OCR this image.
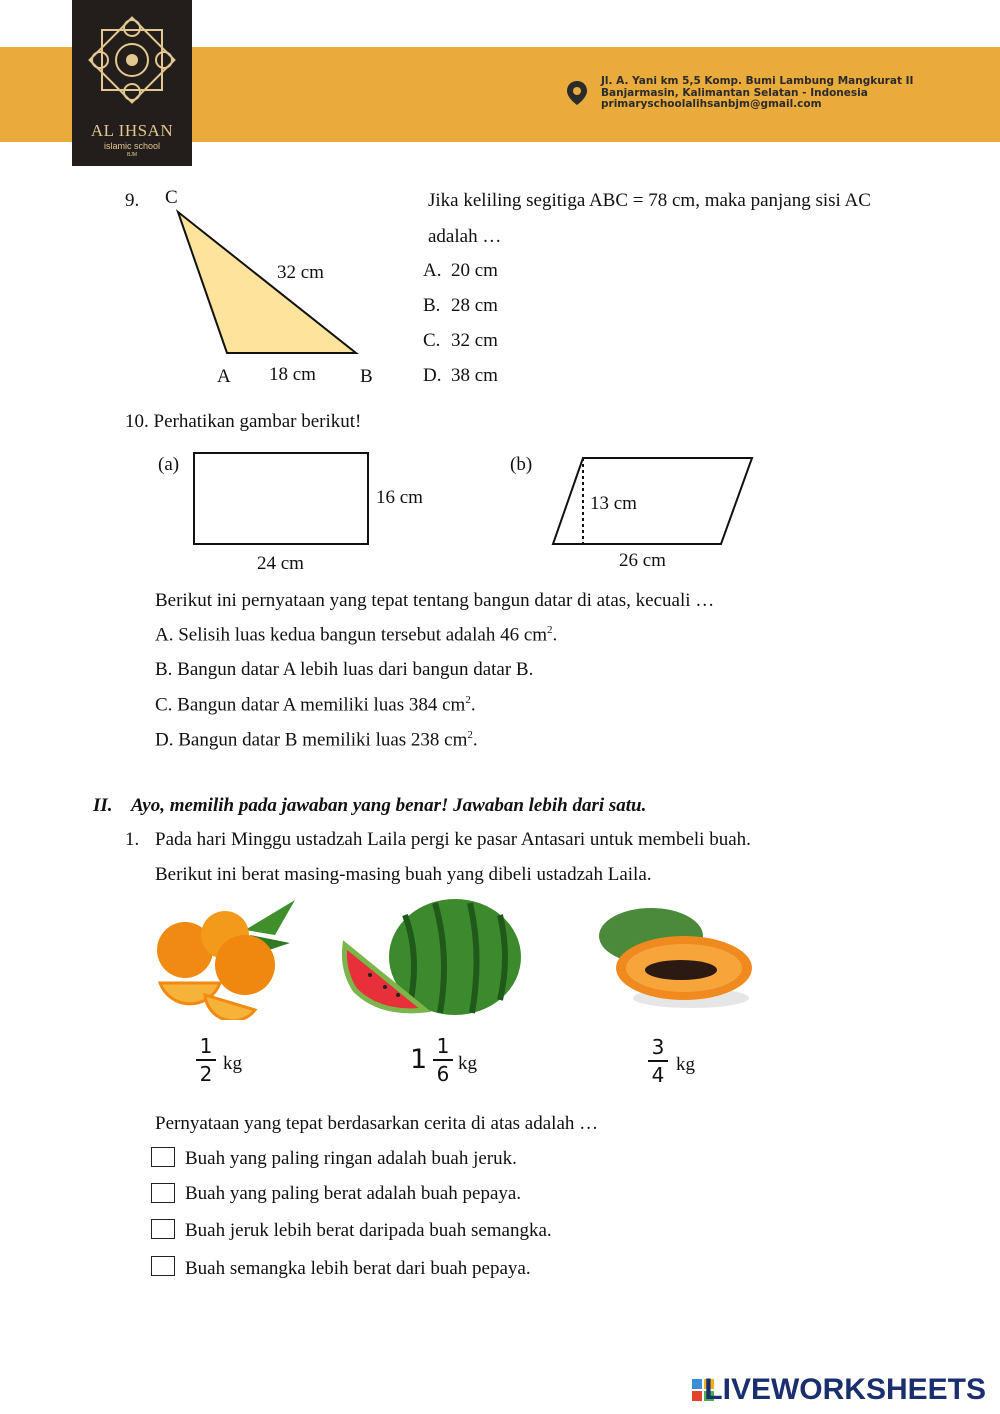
AL IHSAN
islamic school
BJM
Jl. A. Yani km 5,5 Komp. Bumi Lambung Mangkurat II
Banjarmasin, Kalimantan Selatan - Indonesia
primaryschoolalihsanbjm@gmail.com
9. C
32 cm
A 18 cm B
Jika keliling segitiga ABC = 78 cm, maka panjang sisi AC
adalah …
A. 20 cm
B. 28 cm
C. 32 cm
D. 38 cm
10. Perhatikan gambar berikut!
(a)
16 cm
24 cm
(b)
13 cm
26 cm
Berikut ini pernyataan yang tepat tentang bangun datar di atas, kecuali …
A. Selisih luas kedua bangun tersebut adalah 46 $cm^2$.
B. Bangun datar A lebih luas dari bangun datar B.
C. Bangun datar A memiliki luas 384 $cm^2$.
D. Bangun datar B memiliki luas 238 $cm^2$.
II. Ayo, memilih pada jawaban yang benar! Jawaban lebih dari satu.
1. Pada hari Minggu ustadzah Laila pergi ke pasar Antasari untuk membeli buah.
Berikut ini berat masing-masing buah yang dibeli ustadzah Laila.
1
2 kg	1 1
6 kg
3
4 kg
Pernyataan yang tepat berdasarkan cerita di atas adalah …
Buah yang paling ringan adalah buah jeruk.
Buah yang paling berat adalah buah pepaya.
Buah jeruk lebih berat daripada buah semangka.
Buah semangka lebih berat dari buah pepaya.
LIVEWORKSHEETS
